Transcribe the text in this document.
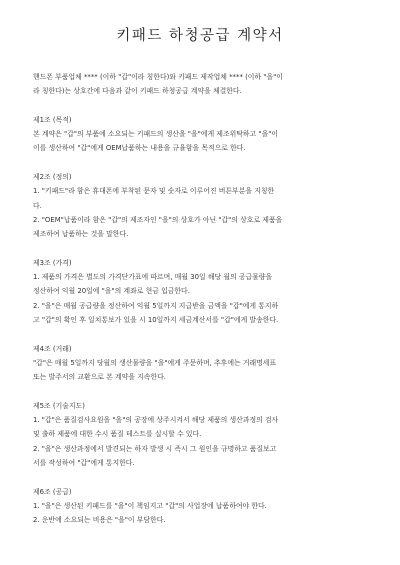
키패드 하청공급 계약서
핸드폰 부품업체 **** (이하 "갑"이라 칭한다)와 키패드 제작업체 **** (이하 "을"이
라 칭한다)는 상호간에 다음과 같이 키패드 하청공급 계약을 체결한다.
제1조 (목적)
본 계약은 "갑"의 부품에 소요되는 키패드의 생산을 "을"에게 제조위탁하고 "을"이
이를 생산하여 "갑"에게 OEM납품하는 내용을 규율함을 목적으로 한다.
제2조 (정의)
1. "키패드"라 함은 휴대폰에 부착된 문자 및 숫자로 이루어진 버튼부분을 지칭한
다.
2. "OEM"납품이라 함은 "갑"의 제조자인 "을"의 상호가 아닌 "갑"의 상호로 제품을
제조하여 납품하는 것을 말한다.
제3조 (가격)
1. 제품의 가격은 별도의 가격단가표에 따르며, 매월 30일 해당 월의 공급물량을
정산하여 익월 20일에 "을"의 계좌로 현금 입금한다.
2. "을"은 매월 공급량을 정산하여 익월 5일까지 지급받을 금액을 "갑"에게 통지하
고 "갑"의 확인 후 일치통보가 있을 시 10일까지 세금계산서를 "갑"에게 발송한다.
제4조 (거래)
"갑"은 매월 5일까지 당월의 생산물량을 "을"에게 주문하며, 추후에는 거래명세표
또는 발주서의 교환으로 본 계약을 지속한다.
제5조 (기술지도)
1. "갑"은 품질검사요원을 "을"의 공장에 상주시켜서 해당 제품의 생산과정의 검사
및 출하 제품에 대한 수시 품질 테스트를 실시할 수 있다.
2. "을"은 생산과정에서 발견되는 하자 발생 시 즉시 그 원인을 규명하고 품질보고
서를 작성하여 "갑"에게 통지한다.
제6조 (공급)
1. "을"은 생산된 키패드를 "을"이 책임지고 "갑"의 사업장에 납품하여야 한다.
2. 운반에 소요되는 비용은 "을"이 부담한다.
